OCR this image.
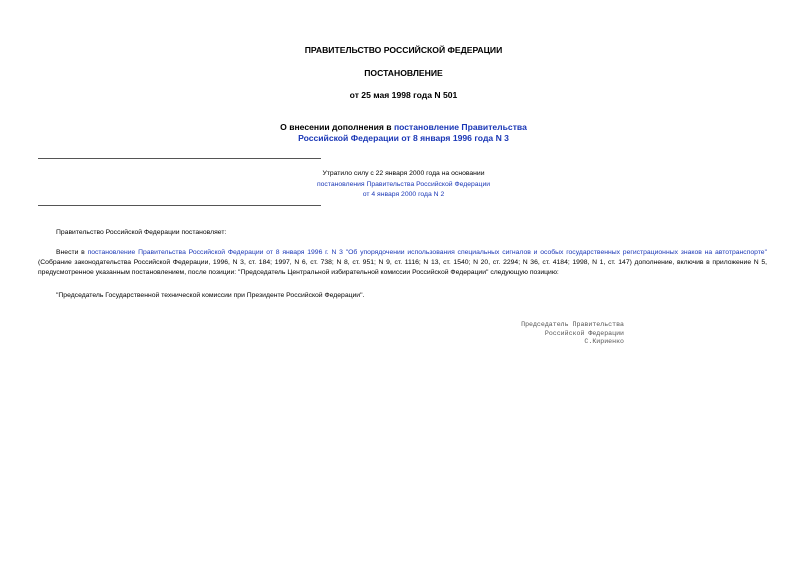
ПРАВИТЕЛЬСТВО РОССИЙСКОЙ ФЕДЕРАЦИИ
ПОСТАНОВЛЕНИЕ
от 25 мая 1998 года N 501
О внесении дополнения в постановление Правительства
Российской Федерации от 8 января 1996 года N 3
Утратило силу с 22 января 2000 года на основании
постановления Правительства Российской Федерации
от 4 января 2000 года N 2
Правительство Российской Федерации постановляет:
Внести в постановление Правительства Российской Федерации от 8 января 1996 г. N 3 "Об упорядочении использования специальных сигналов и особых государственных регистрационных знаков на автотранспорте" (Собрание законодательства Российской Федерации, 1996, N 3, ст. 184; 1997, N 6, ст. 738; N 8, ст. 951; N 9, ст. 1116; N 13, ст. 1540; N 20, ст. 2294; N 36, ст. 4184; 1998, N 1, ст. 147) дополнение, включив в приложение N 5, предусмотренное указанным постановлением, после позиции: "Председатель Центральной избирательной комиссии Российской Федерации" следующую позицию:
"Председатель Государственной технической комиссии при Президенте Российской Федерации".
Председатель Правительства
Российской Федерации
С.Кириенко
